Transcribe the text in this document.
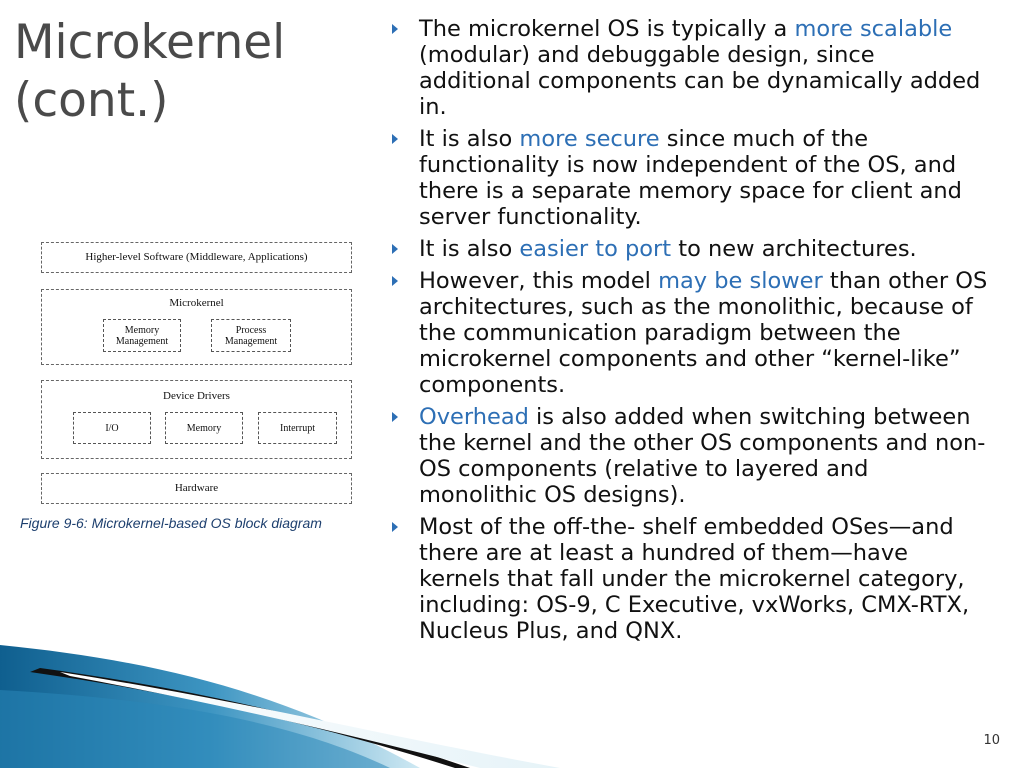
Microkernel
(cont.)
Higher-level Software (Middleware, Applications)
Microkernel
Memory
Management
Process
Management
Device Drivers
I/O	Memory	Interrupt
Hardware
Figure 9-6: Microkernel-based OS block diagram
The microkernel OS is typically a more scalable (modular) and debuggable design, since additional components can be dynamically added in.
It is also more secure since much of the functionality is now independent of the OS, and there is a separate memory space for client and server functionality.
It is also easier to port to new architectures.
However, this model may be slower than other OS architectures, such as the monolithic, because of the communication paradigm between the microkernel components and other “kernel-like” components.
Overhead is also added when switching between the kernel and the other OS components and non-OS components (relative to layered and monolithic OS designs).
Most of the off-the- shelf embedded OSes—and there are at least a hundred of them—have kernels that fall under the microkernel category, including: OS-9, C Executive, vxWorks, CMX-RTX, Nucleus Plus, and QNX.
10
